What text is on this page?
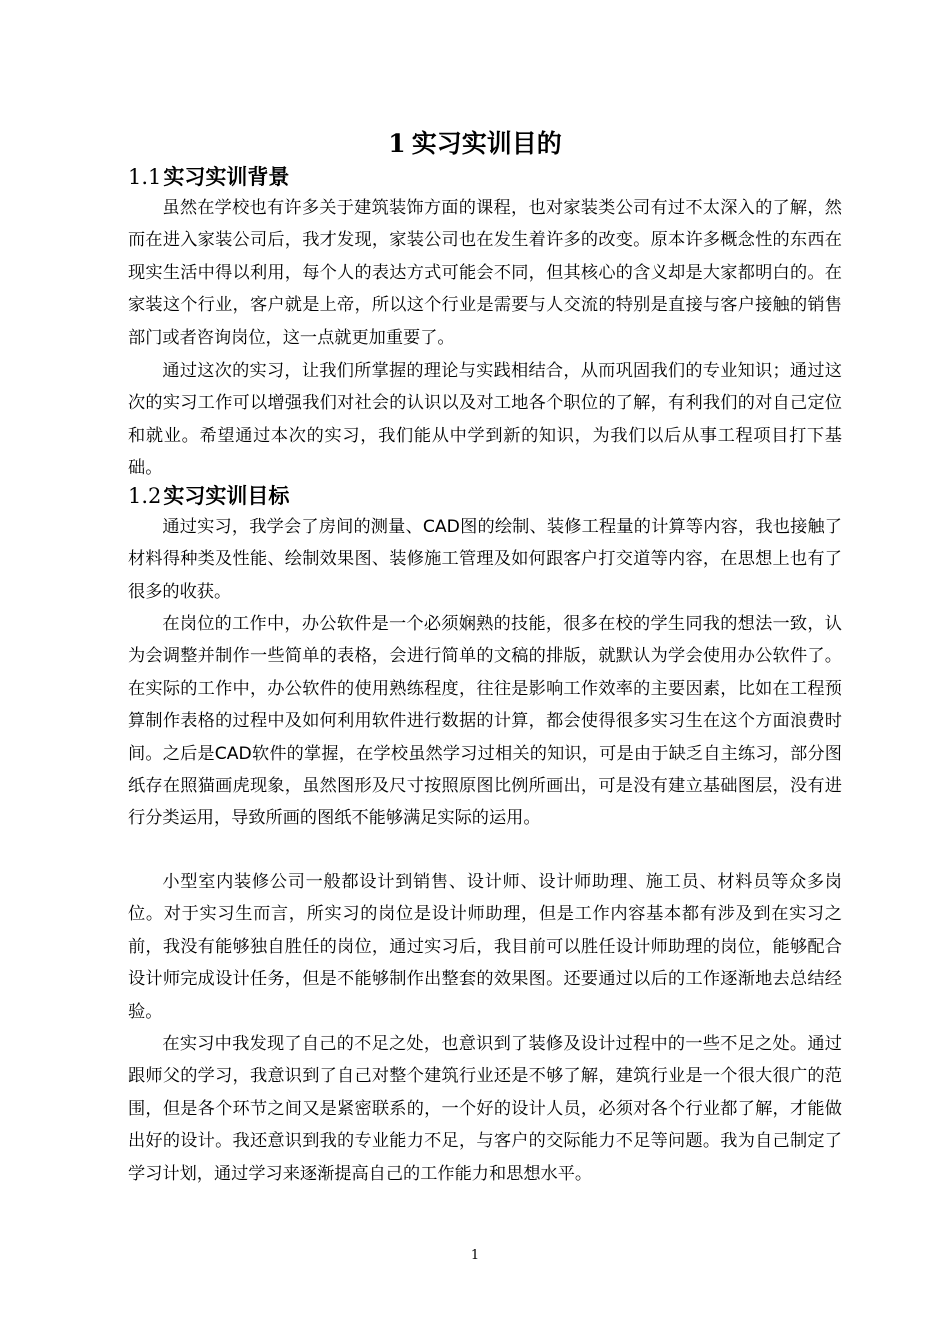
1 实习实训目的
1.1实习实训背景

虽然在学校也有许多关于建筑装饰方面的课程，也对家装类公司有过不太深入的了解，然而在进入家装公司后，我才发现，家装公司也在发生着许多的改变。原本许多概念性的东西在现实生活中得以利用，每个人的表达方式可能会不同，但其核心的含义却是大家都明白的。在家装这个行业，客户就是上帝，所以这个行业是需要与人交流的特别是直接与客户接触的销售部门或者咨询岗位，这一点就更加重要了。

通过这次的实习，让我们所掌握的理论与实践相结合，从而巩固我们的专业知识；通过这次的实习工作可以增强我们对社会的认识以及对工地各个职位的了解，有利我们的对自己定位和就业。希望通过本次的实习，我们能从中学到新的知识，为我们以后从事工程项目打下基础。

1.2实习实训目标

通过实习，我学会了房间的测量、CAD图的绘制、装修工程量的计算等内容，我也接触了材料得种类及性能、绘制效果图、装修施工管理及如何跟客户打交道等内容，在思想上也有了很多的收获。

在岗位的工作中，办公软件是一个必须娴熟的技能，很多在校的学生同我的想法一致，认为会调整并制作一些简单的表格，会进行简单的文稿的排版，就默认为学会使用办公软件了。在实际的工作中，办公软件的使用熟练程度，往往是影响工作效率的主要因素，比如在工程预算制作表格的过程中及如何利用软件进行数据的计算，都会使得很多实习生在这个方面浪费时间。之后是CAD软件的掌握，在学校虽然学习过相关的知识，可是由于缺乏自主练习，部分图纸存在照猫画虎现象，虽然图形及尺寸按照原图比例所画出，可是没有建立基础图层，没有进行分类运用，导致所画的图纸不能够满足实际的运用。

小型室内装修公司一般都设计到销售、设计师、设计师助理、施工员、材料员等众多岗位。对于实习生而言，所实习的岗位是设计师助理，但是工作内容基本都有涉及到在实习之前，我没有能够独自胜任的岗位，通过实习后，我目前可以胜任设计师助理的岗位，能够配合设计师完成设计任务，但是不能够制作出整套的效果图。还要通过以后的工作逐渐地去总结经验。

在实习中我发现了自己的不足之处，也意识到了装修及设计过程中的一些不足之处。通过跟师父的学习，我意识到了自己对整个建筑行业还是不够了解，建筑行业是一个很大很广的范围，但是各个环节之间又是紧密联系的，一个好的设计人员，必须对各个行业都了解，才能做出好的设计。我还意识到我的专业能力不足，与客户的交际能力不足等问题。我为自己制定了学习计划，通过学习来逐渐提高自己的工作能力和思想水平。

1
